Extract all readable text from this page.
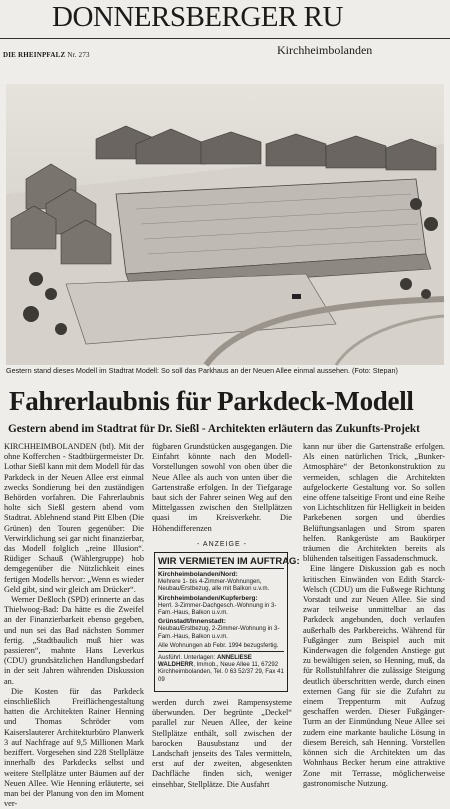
DONNERSBERGER RU
DIE RHEINPFALZ Nr. 273	Kirchheimbolanden
Gestern stand dieses Modell im Stadtrat Modell: So soll das Parkhaus an der Neuen Allee einmal aussehen. (Foto: Stepan)
Fahrerlaubnis für Parkdeck-Modell
Gestern abend im Stadtrat für Dr. Sießl - Architekten erläutern das Zukunfts-Projekt

KIRCHHEIMBOLANDEN (btl). Mit der ohne Kofferchen - Stadtbürgermeister Dr. Lothar Sießl kann mit dem Modell für das Parkdeck in der Neuen Allee erst einmal zwecks Sondierung bei den zuständigen Behörden vorfahren. Die Fahrerlaubnis holte sich Sießl gestern abend vom Stadtrat. Ablehnend stand Pitt Elben (Die Grünen) den Touren gegenüber: Die Verwirklichung sei gar nicht finanzierbar, das Modell folglich „reine Illusion“. Rüdiger Schauß (Wählergruppe) hob demgegenüber die Nützlichkeit eines fertigen Modells hervor: „Wenn es wieder Geld gibt, sind wir gleich am Drücker“.

Werner Deßloch (SPD) erinnerte an das Thielwoog-Bad: Da hätte es die Zweifel an der Finanzierbarkeit ebenso gegeben, und nun sei das Bad nächsten Sommer fertig. „Stadtbaulich muß hier was passieren“, mahnte Hans Leverkus (CDU) grundsätzlichen Handlungsbedarf in der seit Jahren währenden Diskussion an.

Die Kosten für das Parkdeck einschließlich Freiflächengestaltung hatten die Architekten Rainer Henning und Thomas Schröder vom Kaiserslauterer Architekturbüro Planwerk 3 auf Nachfrage auf 9,5 Millionen Mark beziffert. Vorgesehen sind 228 Stellplätze innerhalb des Parkdecks selbst und weitere Stellplätze unter Bäumen auf der Neuen Allee. Wie Henning erläuterte, sei man bei der Planung von den im Moment ver-

fügbaren Grundstücken ausgegangen. Die Einfahrt könnte nach den Modell-Vorstellungen sowohl von oben über die Neue Allee als auch von unten über die Gartenstraße erfolgen. In der Tiefgarage baut sich der Fahrer seinen Weg auf den Mittelgassen zwischen den Stellplätzen quasi im Kreisverkehr. Die Höhendifferenzen

- ANZEIGE -
WIR VERMIETEN IM AUFTRAG:
Kirchheimbolanden/Nord:
Mehrere 1- bis 4-Zimmer-Wohnungen, Neubau/Erstbezug, alle mit Balkon u.v.m.
Kirchheimbolanden/Kupferberg:
Herrl. 3-Zimmer-Dachgesch.-Wohnung in 3-Fam.-Haus, Balkon u.v.m.
Grünstadt/Innenstadt:
Neubau/Erstbezug, 2-Zimmer-Wohnung in 3-Fam.-Haus, Balkon u.v.m.
Alle Wohnungen ab Febr. 1994 bezugsfertig.
Ausführl. Unterlagen: ANNELIESE WALDHERR, Immob., Neue Allee 11, 67292 Kirchheimbolanden, Tel. 0 63 52/37 29, Fax 41 09

werden durch zwei Rampensysteme überwunden. Der begrünte „Deckel“ parallel zur Neuen Allee, der keine Stellplätze enthält, soll zwischen der barocken Bausubstanz und der Landschaft jenseits des Tales vermitteln, erst auf der zweiten, abgesenkten Dachfläche finden sich, weniger einsehbar, Stellplätze. Die Ausfahrt

kann nur über die Gartenstraße erfolgen. Als einen natürlichen Trick, „Bunker-Atmosphäre“ der Betonkonstruktion zu vermeiden, schlagen die Architekten aufgelockerte Gestaltung vor. So sollen eine offene talseitige Front und eine Reihe von Lichtschlitzen für Helligkeit in beiden Parkebenen sorgen und überdies Belüftungsanlagen und Strom sparen helfen. Rankgerüste am Baukörper träumen die Architekten bereits als blühenden talseitigen Fassadenschmuck.

Eine längere Diskussion gab es noch kritischen Einwänden von Edith Starck-Welsch (CDU) um die Fußwege Richtung Vorstadt und zur Neuen Allee. Sie sind zwar teilweise unmittelbar an das Parkdeck angebunden, doch verlaufen außerhalb des Parkbereichs. Während für Fußgänger zum Beispiel auch mit Kinderwagen die folgenden Anstiege gut zu bewältigen seien, so Henning, muß, da für Rollstuhlfahrer die zulässige Steigung deutlich überschritten werde, durch einen externen Gang für sie die Zufahrt zu einem Treppenturm mit Aufzug geschaffen werden. Dieser Fußgänger-Turm an der Einmündung Neue Allee sei zudem eine markante bauliche Lösung in diesem Bereich, sah Henning. Vorstellen können sich die Architekten um das Wohnhaus Becker herum eine attraktive Zone mit Terrasse, möglicherweise gastronomische Nutzung.
